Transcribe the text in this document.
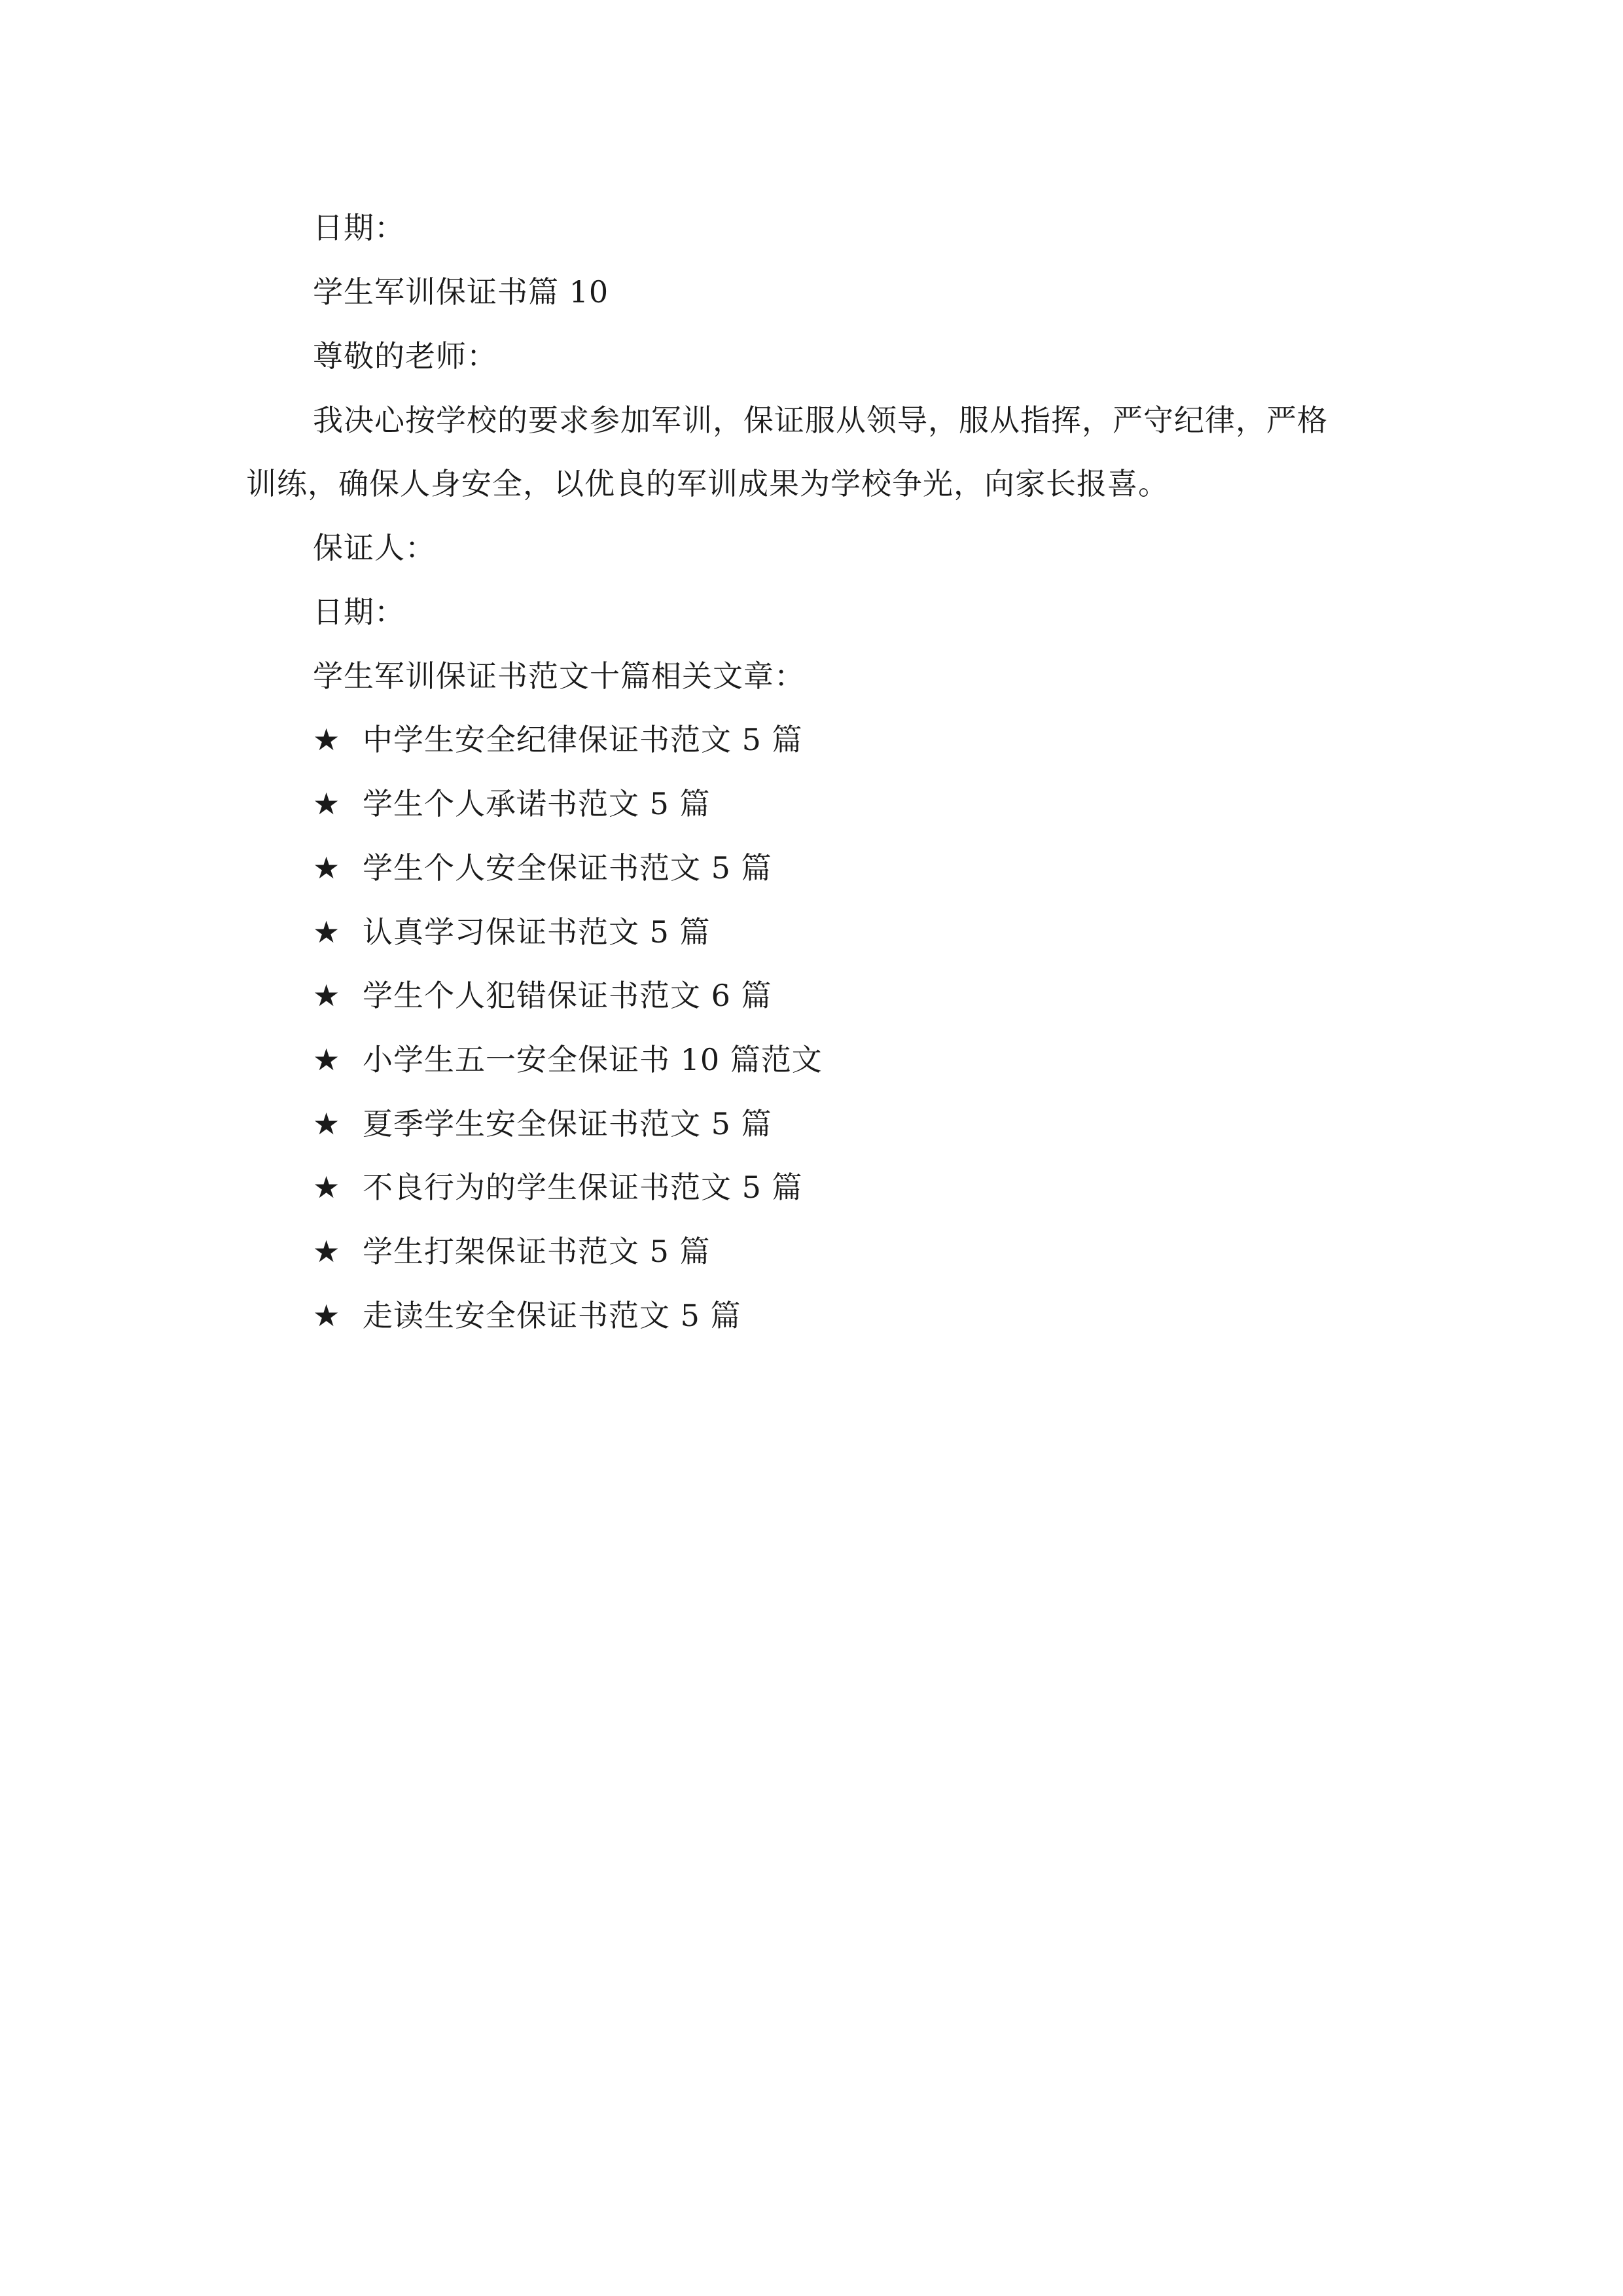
日期：
学生军训保证书篇 10
尊敬的老师：
我决心按学校的要求参加军训，保证服从领导，服从指挥，严守纪律，严格
训练，确保人身安全，以优良的军训成果为学校争光，向家长报喜。
保证人：
日期：
学生军训保证书范文十篇相关文章：
★ 中学生安全纪律保证书范文 5 篇
★ 学生个人承诺书范文 5 篇
★ 学生个人安全保证书范文 5 篇
★ 认真学习保证书范文 5 篇
★ 学生个人犯错保证书范文 6 篇
★ 小学生五一安全保证书 10 篇范文
★ 夏季学生安全保证书范文 5 篇
★ 不良行为的学生保证书范文 5 篇
★ 学生打架保证书范文 5 篇
★ 走读生安全保证书范文 5 篇
